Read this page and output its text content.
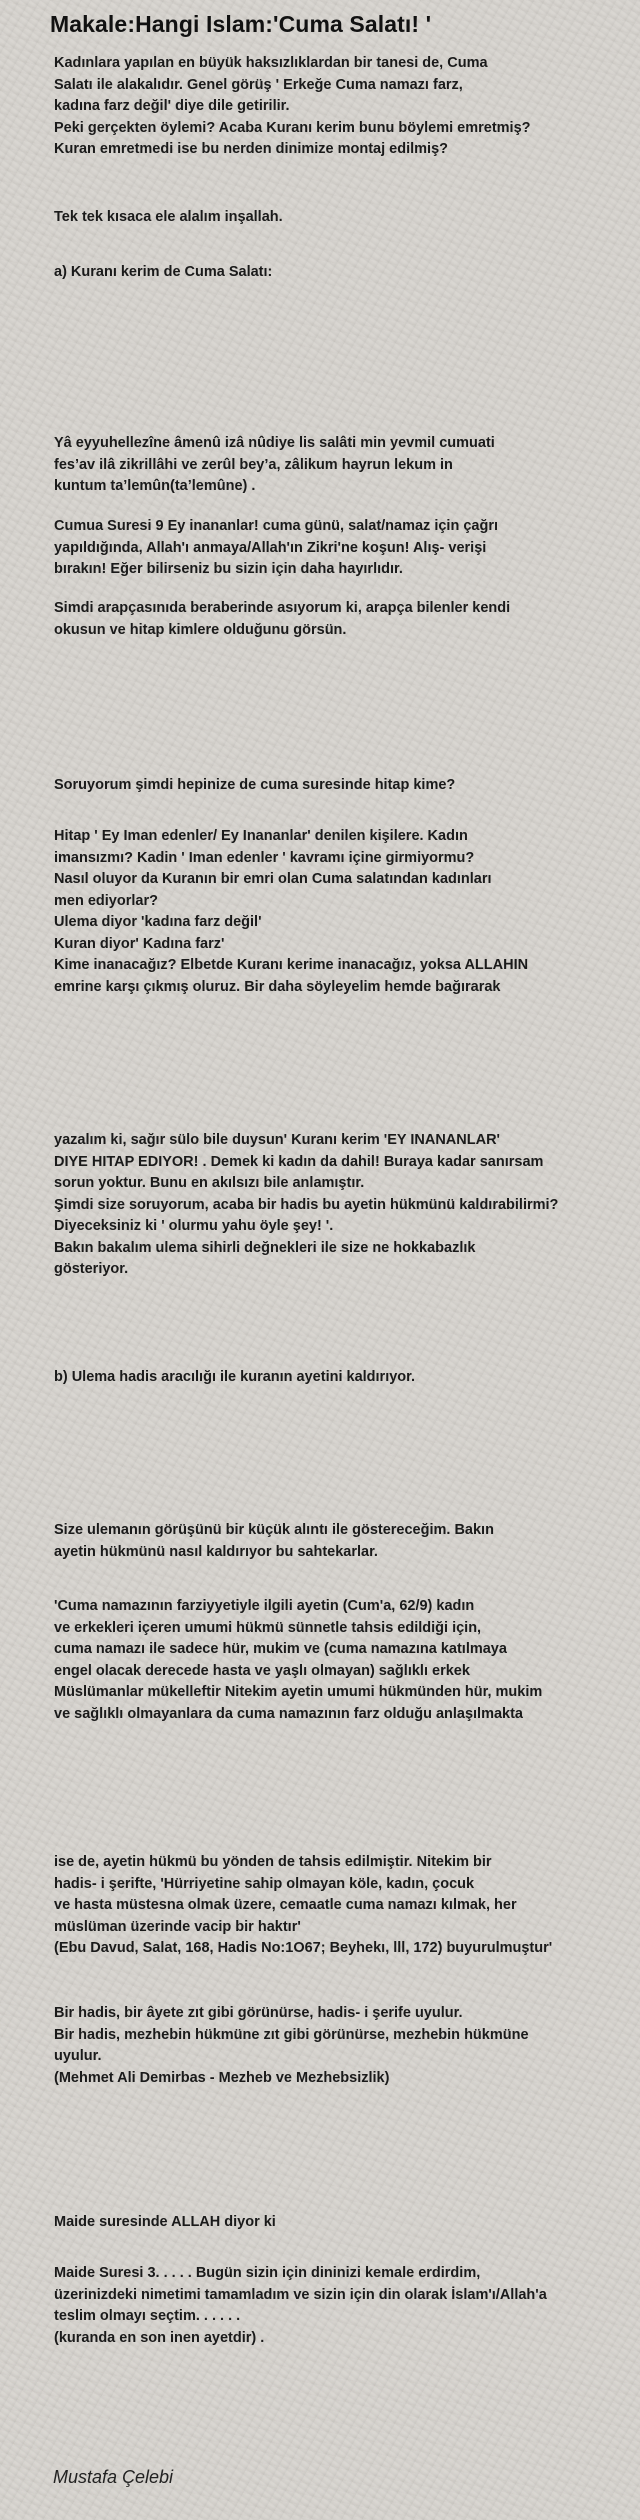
Makale:Hangi Islam:'Cuma Salatı! '
Kadınlara yapılan en büyük haksızlıklardan bir tanesi de, Cuma
Salatı ile alakalıdır. Genel görüş ' Erkeğe Cuma namazı farz,
kadına farz değil' diye dile getirilir.
Peki gerçekten öylemi? Acaba Kuranı kerim bunu böylemi emretmiş?
Kuran emretmedi ise bu nerden dinimize montaj edilmiş?
Tek tek kısaca ele alalım inşallah.
a) Kuranı kerim de Cuma Salatı:
Yâ eyyuhellezîne âmenû izâ nûdiye lis salâti min yevmil cumuati
fes’av ilâ zikrillâhi ve zerûl bey’a, zâlikum hayrun lekum in
kuntum ta’lemûn(ta’lemûne) .
Cumua Suresi 9 Ey inananlar! cuma günü, salat/namaz için çağrı
yapıldığında, Allah'ı anmaya/Allah'ın Zikri'ne koşun! Alış- verişi
bırakın! Eğer bilirseniz bu sizin için daha hayırlıdır.
Simdi arapçasınıda beraberinde asıyorum ki, arapça bilenler kendi
okusun ve hitap kimlere olduğunu görsün.
Soruyorum şimdi hepinize de cuma suresinde hitap kime?
Hitap ' Ey Iman edenler/ Ey Inananlar' denilen kişilere. Kadın
imansızmı? Kadin ' Iman edenler ' kavramı içine girmiyormu?
Nasıl oluyor da Kuranın bir emri olan Cuma salatından kadınları
men ediyorlar?
Ulema diyor 'kadına farz değil'
Kuran diyor' Kadına farz'
Kime inanacağız? Elbetde Kuranı kerime inanacağız, yoksa ALLAHIN
emrine karşı çıkmış oluruz. Bir daha söyleyelim hemde bağırarak
yazalım ki, sağır sülo bile duysun' Kuranı kerim 'EY INANANLAR'
DIYE HITAP EDIYOR! . Demek ki kadın da dahil! Buraya kadar sanırsam
sorun yoktur. Bunu en akılsızı bile anlamıştır.
Şimdi size soruyorum, acaba bir hadis bu ayetin hükmünü kaldırabilirmi?
Diyeceksiniz ki ' olurmu yahu öyle şey! '.
Bakın bakalım ulema sihirli değnekleri ile size ne hokkabazlık
gösteriyor.
b) Ulema hadis aracılığı ile kuranın ayetini kaldırıyor.
Size ulemanın görüşünü bir küçük alıntı ile göstereceğim. Bakın
ayetin hükmünü nasıl kaldırıyor bu sahtekarlar.
'Cuma namazının farziyyetiyle ilgili ayetin (Cum'a, 62/9) kadın
ve erkekleri içeren umumi hükmü sünnetle tahsis edildiği için,
cuma namazı ile sadece hür, mukim ve (cuma namazına katılmaya
engel olacak derecede hasta ve yaşlı olmayan) sağlıklı erkek
Müslümanlar mükelleftir Nitekim ayetin umumi hükmünden hür, mukim
ve sağlıklı olmayanlara da cuma namazının farz olduğu anlaşılmakta
ise de, ayetin hükmü bu yönden de tahsis edilmiştir. Nitekim bir
hadis- i şerifte, 'Hürriyetine sahip olmayan köle, kadın, çocuk
ve hasta müstesna olmak üzere, cemaatle cuma namazı kılmak, her
müslüman üzerinde vacip bir haktır'
(Ebu Davud, Salat, 168, Hadis No:1O67; Beyhekı, lll, 172) buyurulmuştur'
Bir hadis, bir âyete zıt gibi görünürse, hadis- i şerife uyulur.
Bir hadis, mezhebin hükmüne zıt gibi görünürse, mezhebin hükmüne
uyulur.
(Mehmet Ali Demirbas - Mezheb ve Mezhebsizlik)
Maide suresinde ALLAH diyor ki
Maide Suresi 3. . . . . Bugün sizin için dininizi kemale erdirdim,
üzerinizdeki nimetimi tamamladım ve sizin için din olarak İslam'ı/Allah'a
teslim olmayı seçtim. . . . . .
(kuranda en son inen ayetdir) .
Mustafa Çelebi
